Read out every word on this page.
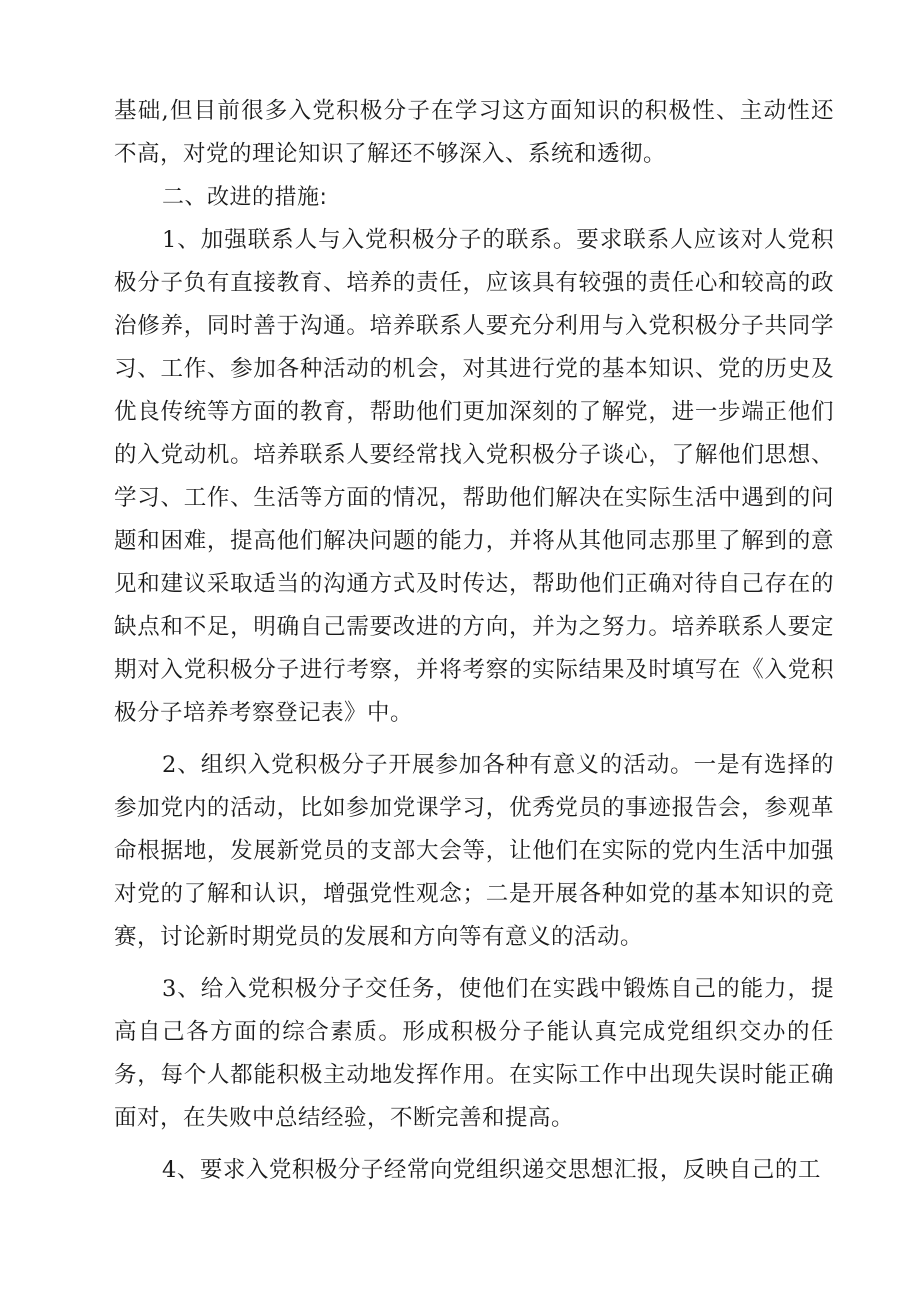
基础,但目前很多入党积极分子在学习这方面知识的积极性、主动性还不高，对党的理论知识了解还不够深入、系统和透彻。

二、改进的措施:

1、加强联系人与入党积极分子的联系。要求联系人应该对人党积极分子负有直接教育、培养的责任，应该具有较强的责任心和较高的政治修养，同时善于沟通。培养联系人要充分利用与入党积极分子共同学习、工作、参加各种活动的机会，对其进行党的基本知识、党的历史及优良传统等方面的教育，帮助他们更加深刻的了解党，进一步端正他们的入党动机。培养联系人要经常找入党积极分子谈心，了解他们思想、学习、工作、生活等方面的情况，帮助他们解决在实际生活中遇到的问题和困难，提高他们解决问题的能力，并将从其他同志那里了解到的意见和建议采取适当的沟通方式及时传达，帮助他们正确对待自己存在的缺点和不足，明确自己需要改进的方向，并为之努力。培养联系人要定期对入党积极分子进行考察，并将考察的实际结果及时填写在《入党积极分子培养考察登记表》中。

2、组织入党积极分子开展参加各种有意义的活动。一是有选择的参加党内的活动，比如参加党课学习，优秀党员的事迹报告会，参观革命根据地，发展新党员的支部大会等，让他们在实际的党内生活中加强对党的了解和认识，增强党性观念；二是开展各种如党的基本知识的竞赛，讨论新时期党员的发展和方向等有意义的活动。

3、给入党积极分子交任务，使他们在实践中锻炼自己的能力，提高自己各方面的综合素质。形成积极分子能认真完成党组织交办的任务，每个人都能积极主动地发挥作用。在实际工作中出现失误时能正确面对，在失败中总结经验，不断完善和提高。

4、要求入党积极分子经常向党组织递交思想汇报，反映自己的工
